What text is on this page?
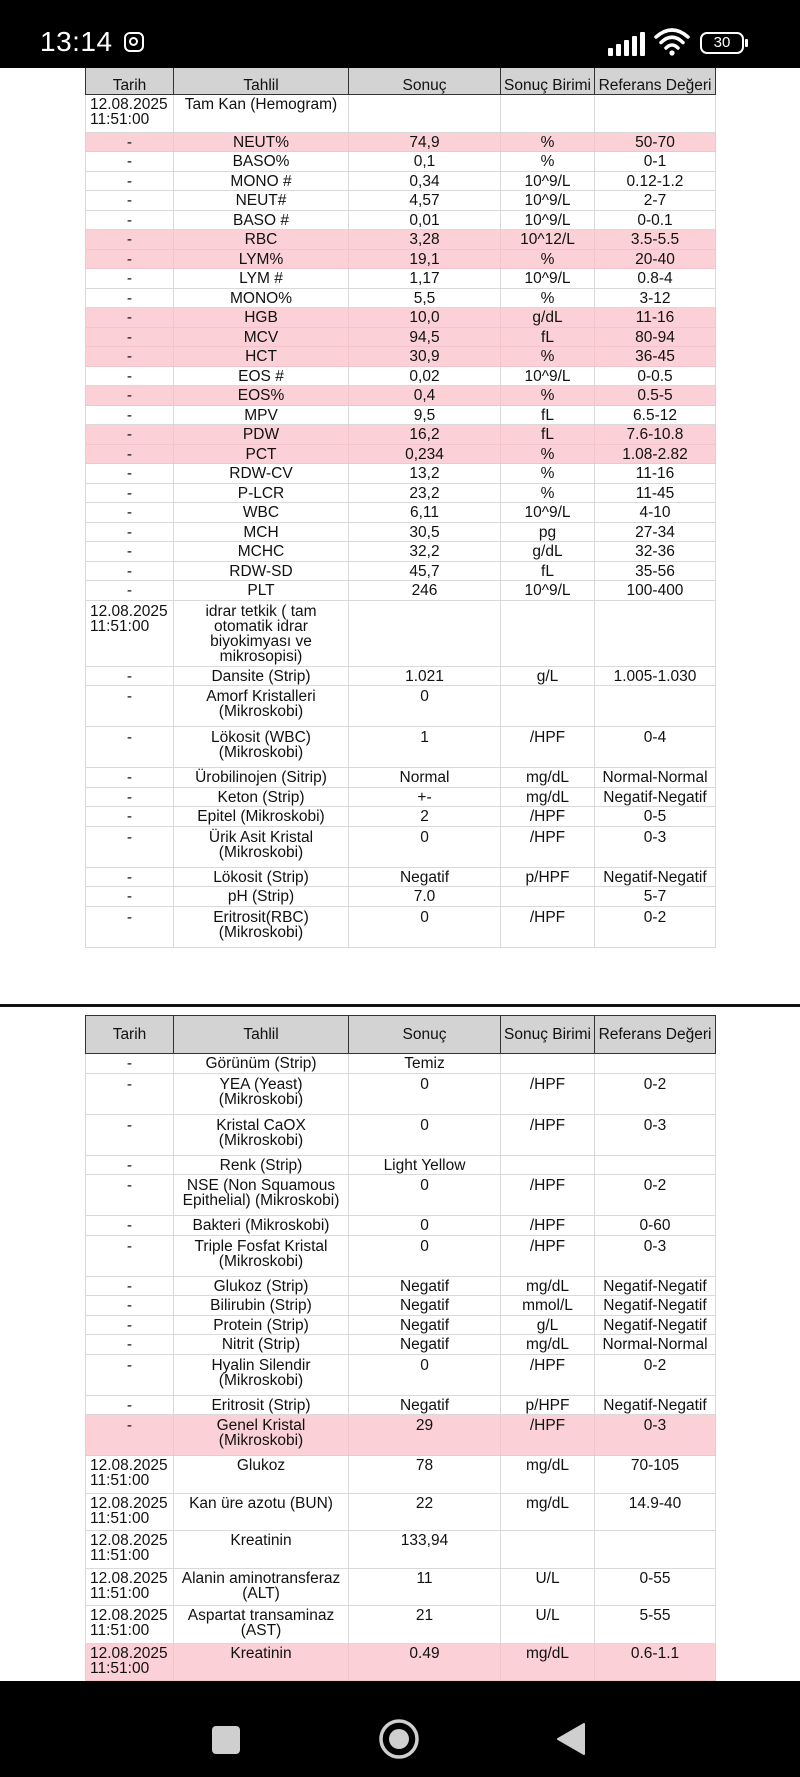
Tarih	Tahlil	Sonuç	Sonuç Birimi	Referans Değeri
12.08.2025 11:51:00	Tam Kan (Hemogram)			
-	NEUT%	74,9	%	50-70
-	BASO%	0,1	%	0-1
-	MONO #	0,34	10^9/L	0.12-1.2
-	NEUT#	4,57	10^9/L	2-7
-	BASO #	0,01	10^9/L	0-0.1
-	RBC	3,28	10^12/L	3.5-5.5
-	LYM%	19,1	%	20-40
-	LYM #	1,17	10^9/L	0.8-4
-	MONO%	5,5	%	3-12
-	HGB	10,0	g/dL	11-16
-	MCV	94,5	fL	80-94
-	HCT	30,9	%	36-45
-	EOS #	0,02	10^9/L	0-0.5
-	EOS%	0,4	%	0.5-5
-	MPV	9,5	fL	6.5-12
-	PDW	16,2	fL	7.6-10.8
-	PCT	0,234	%	1.08-2.82
-	RDW-CV	13,2	%	11-16
-	P-LCR	23,2	%	11-45
-	WBC	6,11	10^9/L	4-10
-	MCH	30,5	pg	27-34
-	MCHC	32,2	g/dL	32-36
-	RDW-SD	45,7	fL	35-56
-	PLT	246	10^9/L	100-400
12.08.2025 11:51:00	idrar tetkik ( tam otomatik idrar biyokimyası ve mikrosopisi)			
-	Dansite (Strip)	1.021	g/L	1.005-1.030
-	Amorf Kristalleri (Mikroskobi)	0		
-	Lökosit (WBC) (Mikroskobi)	1	/HPF	0-4
-	Ürobilinojen (Sitrip)	Normal	mg/dL	Normal-Normal
-	Keton (Strip)	+-	mg/dL	Negatif-Negatif
-	Epitel (Mikroskobi)	2	/HPF	0-5
-	Ürik Asit Kristal (Mikroskobi)	0	/HPF	0-3
-	Lökosit (Strip)	Negatif	p/HPF	Negatif-Negatif
-	pH (Strip)	7.0		5-7
-	Eritrosit(RBC) (Mikroskobi)	0	/HPF	0-2
Tarih	Tahlil	Sonuç	Sonuç Birimi	Referans Değeri
-	Görünüm (Strip)	Temiz		
-	YEA (Yeast) (Mikroskobi)	0	/HPF	0-2
-	Kristal CaOX (Mikroskobi)	0	/HPF	0-3
-	Renk (Strip)	Light Yellow		
-	NSE (Non Squamous Epithelial) (Mikroskobi)	0	/HPF	0-2
-	Bakteri (Mikroskobi)	0	/HPF	0-60
-	Triple Fosfat Kristal (Mikroskobi)	0	/HPF	0-3
-	Glukoz (Strip)	Negatif	mg/dL	Negatif-Negatif
-	Bilirubin (Strip)	Negatif	mmol/L	Negatif-Negatif
-	Protein (Strip)	Negatif	g/L	Negatif-Negatif
-	Nitrit (Strip)	Negatif	mg/dL	Normal-Normal
-	Hyalin Silendir (Mikroskobi)	0	/HPF	0-2
-	Eritrosit (Strip)	Negatif	p/HPF	Negatif-Negatif
-	Genel Kristal (Mikroskobi)	29	/HPF	0-3
12.08.2025 11:51:00	Glukoz	78	mg/dL	70-105
12.08.2025 11:51:00	Kan üre azotu (BUN)	22	mg/dL	14.9-40
12.08.2025 11:51:00	Kreatinin	133,94		
12.08.2025 11:51:00	Alanin aminotransferaz (ALT)	11	U/L	0-55
12.08.2025 11:51:00	Aspartat transaminaz (AST)	21	U/L	5-55
12.08.2025 11:51:00	Kreatinin	0.49	mg/dL	0.6-1.1
13:14	30
